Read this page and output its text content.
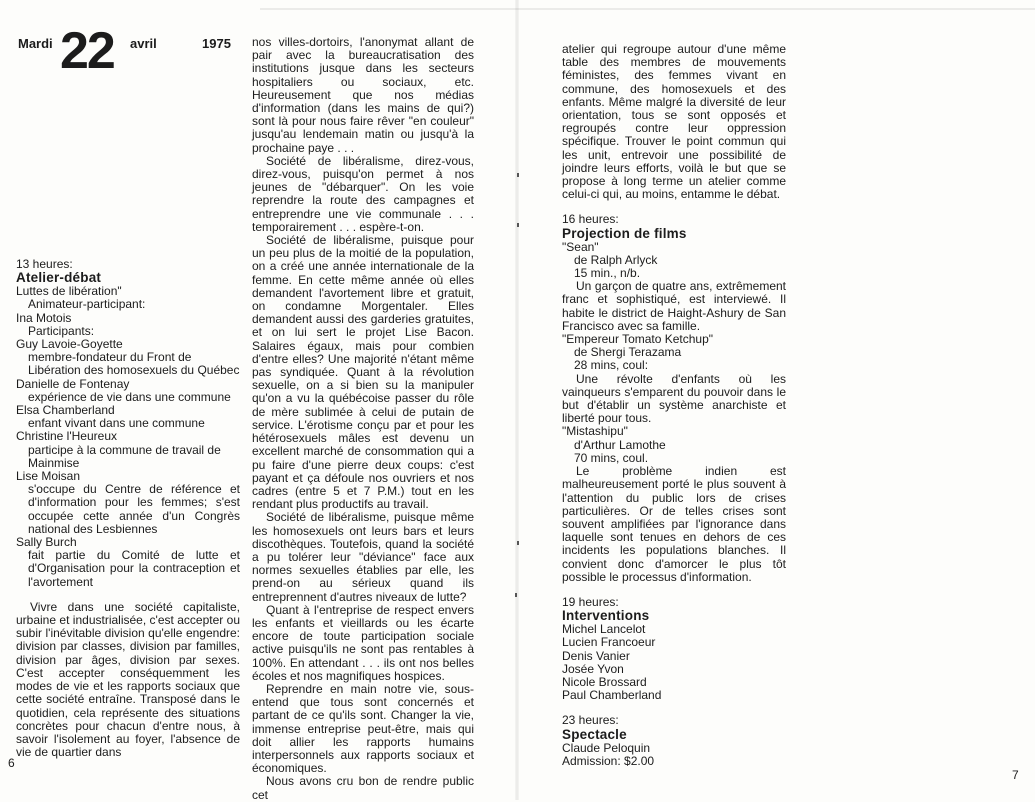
Mardi 22 avril	1975

13 heures:

Atelier-débat

Luttes de libération"

Animateur-participant:

Ina Motois

Participants:

Guy Lavoie-Goyette

membre-fondateur du Front de

Libération des homosexuels du Québec

Danielle de Fontenay

expérience de vie dans une commune

Elsa Chamberland

enfant vivant dans une commune

Christine l'Heureux

participe à la commune de travail de

Mainmise

Lise Moisan

s'occupe du Centre de référence et d'information pour les femmes; s'est occupée cette année d'un Congrès national des Lesbiennes

Sally Burch

fait partie du Comité de lutte et d'Organisation pour la contraception et l'avortement

Vivre dans une société capitaliste, urbaine et industrialisée, c'est accepter ou subir l'inévitable division qu'elle engendre: division par classes, division par familles, division par âges, division par sexes. C'est accepter conséquemment les modes de vie et les rapports sociaux que cette société entraîne. Transposé dans le quotidien, cela représente des situations concrètes pour chacun d'entre nous, à savoir l'isolement au foyer, l'absence de vie de quartier dans

nos villes-dortoirs, l'anonymat allant de pair avec la bureaucratisation des institutions jusque dans les secteurs hospitaliers ou sociaux, etc. Heureusement que nos médias d'information (dans les mains de qui?) sont là pour nous faire rêver "en couleur" jusqu'au lendemain matin ou jusqu'à la prochaine paye . . .

Société de libéralisme, direz-vous, direz-vous, puisqu'on permet à nos jeunes de "débarquer". On les voie reprendre la route des campagnes et entreprendre une vie communale . . . temporairement . . . espère-t-on.

Société de libéralisme, puisque pour un peu plus de la moitié de la population, on a créé une année internationale de la femme. En cette même année où elles demandent l'avortement libre et gratuit, on condamne Morgentaler. Elles demandent aussi des garderies gratuites, et on lui sert le projet Lise Bacon. Salaires égaux, mais pour combien d'entre elles? Une majorité n'étant même pas syndiquée. Quant à la révolution sexuelle, on a si bien su la manipuler qu'on a vu la québécoise passer du rôle de mère sublimée à celui de putain de service. L'érotisme conçu par et pour les hétérosexuels mâles est devenu un excellent marché de consommation qui a pu faire d'une pierre deux coups: c'est payant et ça défoule nos ouvriers et nos cadres (entre 5 et 7 P.M.) tout en les rendant plus productifs au travail.

Société de libéralisme, puisque même les homosexuels ont leurs bars et leurs discothèques. Toutefois, quand la société a pu tolérer leur "déviance" face aux normes sexuelles établies par elle, les prend-on au sérieux quand ils entreprennent d'autres niveaux de lutte?

Quant à l'entreprise de respect envers les enfants et vieillards ou les écarte encore de toute participation sociale active puisqu'ils ne sont pas rentables à 100%. En attendant . . . ils ont nos belles écoles et nos magnifiques hospices.

Reprendre en main notre vie, sous-entend que tous sont concernés et partant de ce qu'ils sont. Changer la vie, immense entreprise peut-être, mais qui doit allier les rapports humains interpersonnels aux rapports sociaux et économiques.

Nous avons cru bon de rendre public cet

atelier qui regroupe autour d'une même table des membres de mouvements féministes, des femmes vivant en commune, des homosexuels et des enfants. Même malgré la diversité de leur orientation, tous se sont opposés et regroupés contre leur oppression spécifique. Trouver le point commun qui les unit, entrevoir une possibilité de joindre leurs efforts, voilà le but que se propose à long terme un atelier comme celui-ci qui, au moins, entamme le débat.

16 heures:

Projection de films

"Sean"

de Ralph Arlyck

15 min., n/b.

Un garçon de quatre ans, extrêmement franc et sophistiqué, est interviewé. Il habite le district de Haight-Ashury de San Francisco avec sa famille.

"Empereur Tomato Ketchup"

de Shergi Terazama

28 mins, coul:

Une révolte d'enfants où les vainqueurs s'emparent du pouvoir dans le but d'établir un système anarchiste et liberté pour tous.

"Mistashipu"

d'Arthur Lamothe

70 mins, coul.

Le problème indien est malheureusement porté le plus souvent à l'attention du public lors de crises particulières. Or de telles crises sont souvent amplifiées par l'ignorance dans laquelle sont tenues en dehors de ces incidents les populations blanches. Il convient donc d'amorcer le plus tôt possible le processus d'information.

19 heures:

Interventions

Michel Lancelot

Lucien Francoeur

Denis Vanier

Josée Yvon

Nicole Brossard

Paul Chamberland

23 heures:

Spectacle

Claude Peloquin

Admission: $2.00

6
7
